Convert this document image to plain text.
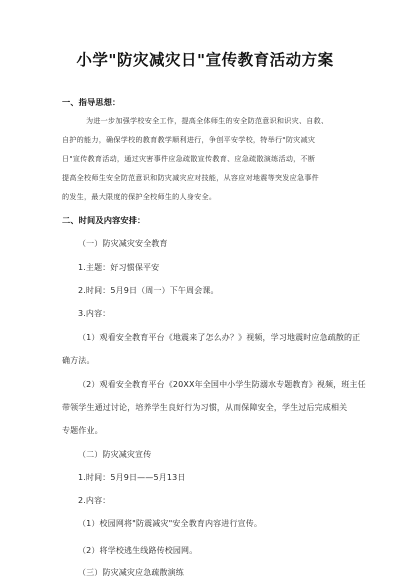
小学"防灾减灾日"宣传教育活动方案
一、指导思想：
为进一步加强学校安全工作，提高全体师生的安全防范意识和识灾、自救、
自护的能力，确保学校的教育教学顺利进行，争创平安学校，特举行"防灾减灾
日"宣传教育活动，通过灾害事件应急疏散宣传教育、应急疏散演练活动，不断
提高全校师生安全防范意识和防灾减灾应对技能，从容应对地震等突发应急事件
的发生，最大限度的保护全校师生的人身安全。
二、时间及内容安排：
（一）防灾减灾安全教育
1.主题：好习惯保平安
2.时间：5月9日（周一）下午周会课。
3.内容：
（1）观看安全教育平台《地震来了怎么办？》视频，学习地震时应急疏散的正
确方法。
（2）观看安全教育平台《20XX年全国中小学生防溺水专题教育》视频，班主任
带领学生通过讨论，培养学生良好行为习惯，从而保障安全，学生过后完成相关
专题作业。
（二）防灾减灾宣传
1.时间：5月9日——5月13日
2.内容：
（1）校园网将"防震减灾"安全教育内容进行宣传。
（2）将学校逃生线路传校园网。
（三）防灾减灾应急疏散演练
